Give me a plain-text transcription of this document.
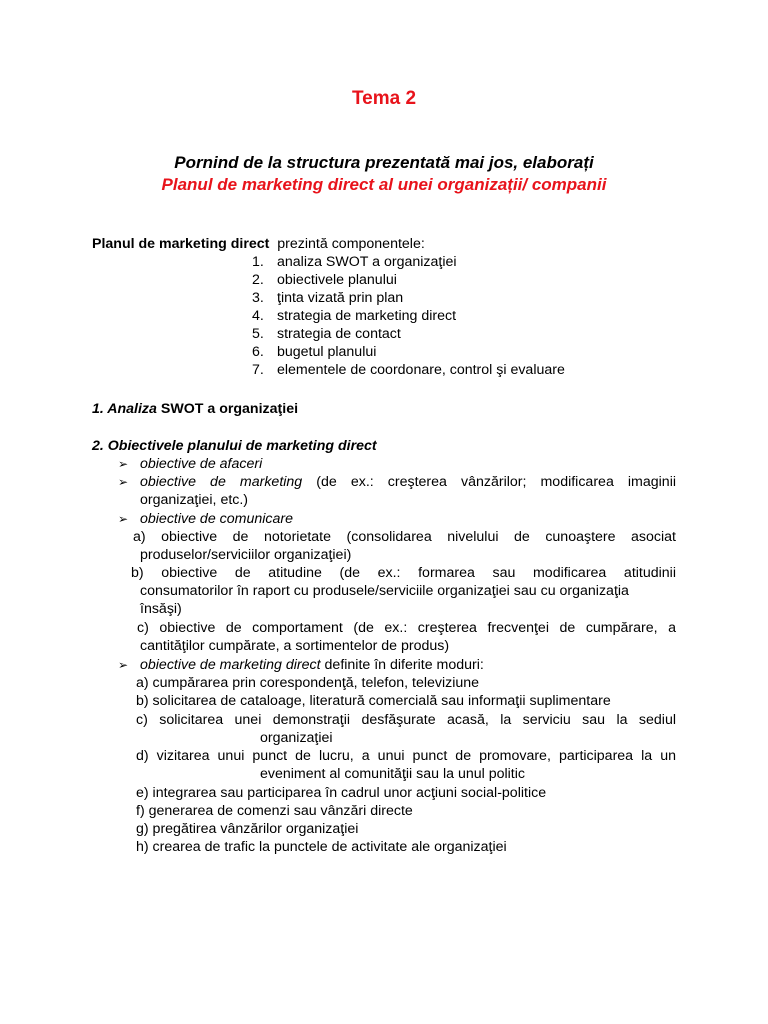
Tema 2
Pornind de la structura prezentată mai jos, elaborați
Planul de marketing direct al unei organizații/ companii
Planul de marketing direct  prezintă componentele:
1. analiza SWOT a organizaţiei
2. obiectivele planului
3. ţinta vizată prin plan
4. strategia de marketing direct
5. strategia de contact
6. bugetul planului
7. elementele de coordonare, control şi evaluare
1. Analiza SWOT a organizaţiei
2. Obiectivele planului de marketing direct
➢ obiective de afaceri
➢ obiective de marketing (de ex.: creşterea vânzărilor; modificarea imaginii
organizaţiei, etc.)
➢ obiective de comunicare
a) obiective de notorietate (consolidarea nivelului de cunoaştere asociat
produselor/serviciilor organizaţiei)
b) obiective de atitudine (de ex.: formarea sau modificarea atitudinii
consumatorilor în raport cu produsele/serviciile organizaţiei sau cu organizaţia
însăşi)
c) obiective de comportament (de ex.: creşterea frecvenţei de cumpărare, a
cantităţilor cumpărate, a sortimentelor de produs)
➢ obiective de marketing direct definite în diferite moduri:
a) cumpărarea prin corespondenţă, telefon, televiziune
b) solicitarea de cataloage, literatură comercială sau informaţii suplimentare
c) solicitarea unei demonstraţii desfăşurate acasă, la serviciu sau la sediul
organizaţiei
d) vizitarea unui punct de lucru, a unui punct de promovare, participarea la un
eveniment al comunităţii sau la unul politic
e) integrarea sau participarea în cadrul unor acţiuni social-politice
f) generarea de comenzi sau vânzări directe
g) pregătirea vânzărilor organizaţiei
h) crearea de trafic la punctele de activitate ale organizaţiei
